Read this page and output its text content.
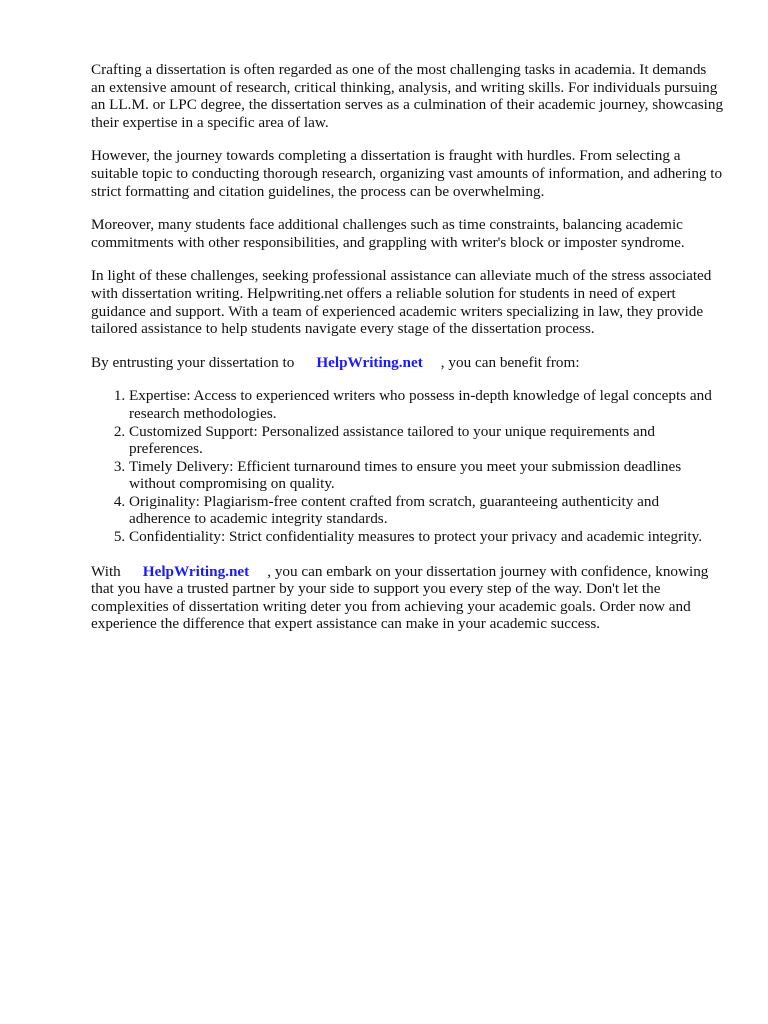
Crafting a dissertation is often regarded as one of the most challenging tasks in academia. It demands an extensive amount of research, critical thinking, analysis, and writing skills. For individuals pursuing an LL.M. or LPC degree, the dissertation serves as a culmination of their academic journey, showcasing their expertise in a specific area of law.

However, the journey towards completing a dissertation is fraught with hurdles. From selecting a suitable topic to conducting thorough research, organizing vast amounts of information, and adhering to strict formatting and citation guidelines, the process can be overwhelming.

Moreover, many students face additional challenges such as time constraints, balancing academic commitments with other responsibilities, and grappling with writer's block or imposter syndrome.

In light of these challenges, seeking professional assistance can alleviate much of the stress associated with dissertation writing. Helpwriting.net offers a reliable solution for students in need of expert guidance and support. With a team of experienced academic writers specializing in law, they provide tailored assistance to help students navigate every stage of the dissertation process.

By entrusting your dissertation to HelpWriting.net , you can benefit from:

1. Expertise: Access to experienced writers who possess in-depth knowledge of legal concepts and research methodologies.
2. Customized Support: Personalized assistance tailored to your unique requirements and preferences.
3. Timely Delivery: Efficient turnaround times to ensure you meet your submission deadlines without compromising on quality.
4. Originality: Plagiarism-free content crafted from scratch, guaranteeing authenticity and adherence to academic integrity standards.
5. Confidentiality: Strict confidentiality measures to protect your privacy and academic integrity.

With HelpWriting.net , you can embark on your dissertation journey with confidence, knowing that you have a trusted partner by your side to support you every step of the way. Don't let the complexities of dissertation writing deter you from achieving your academic goals. Order now and experience the difference that expert assistance can make in your academic success.
